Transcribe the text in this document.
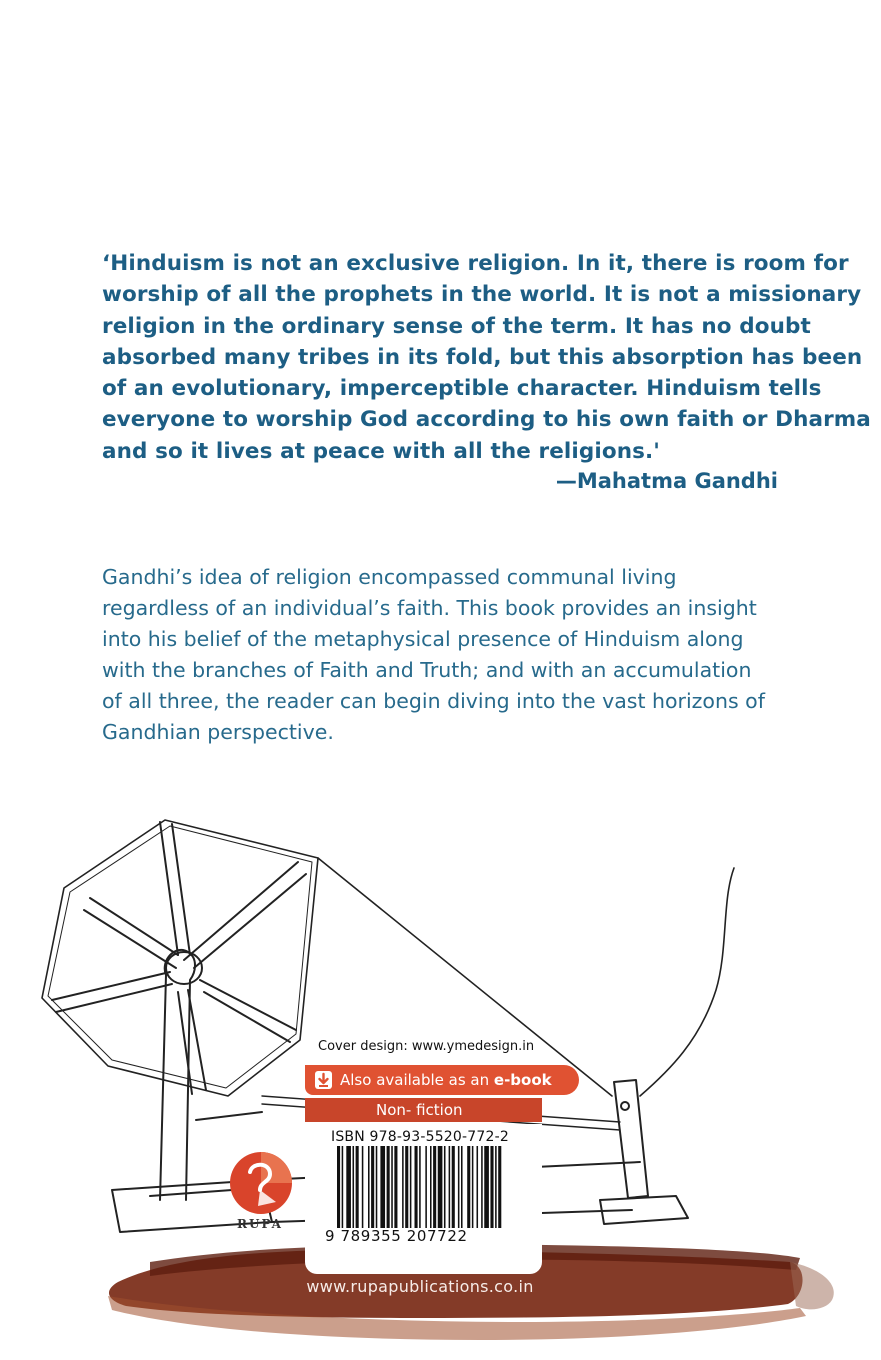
‘Hinduism is not an exclusive religion. In it, there is room for
worship of all the prophets in the world. It is not a missionary
religion in the ordinary sense of the term. It has no doubt
absorbed many tribes in its fold, but this absorption has been
of an evolutionary, imperceptible character. Hinduism tells
everyone to worship God according to his own faith or Dharma
and so it lives at peace with all the religions.'
—Mahatma Gandhi
Gandhi’s idea of religion encompassed communal living
regardless of an individual’s faith. This book provides an insight
into his belief of the metaphysical presence of Hinduism along
with the branches of Faith and Truth; and with an accumulation
of all three, the reader can begin diving into the vast horizons of
Gandhian perspective.
RUPA
Cover design: www.ymedesign.in
Also available as an e-book
Non- fiction
ISBN 978-93-5520-772-2
9 789355 207722
www.rupapublications.co.in
